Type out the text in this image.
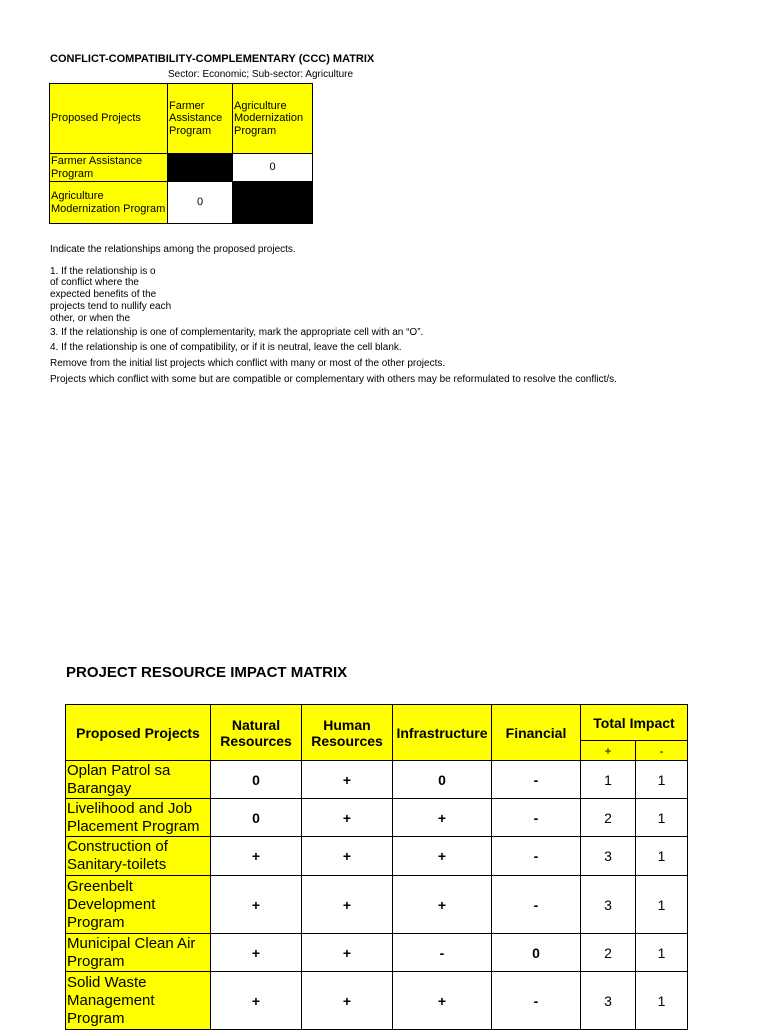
CONFLICT-COMPATIBILITY-COMPLEMENTARY (CCC) MATRIX
Sector: Economic; Sub-sector: Agriculture
Proposed Projects	Farmer Assistance Program	Agriculture Modernization Program
Farmer Assistance Program		0
Agriculture Modernization Program	0	
Indicate the relationships among the proposed projects.
1. If the relationship is o
of conflict where the expected benefits of the projects tend to nullify each other, or when the
3. If the relationship is one of complementarity, mark the appropriate cell with an “O”.
4. If the relationship is one of compatibility, or if it is neutral, leave the cell blank.
Remove from the initial list projects which conflict with many or most of the other projects.
Projects which conflict with some but are compatible or complementary with others may be reformulated to resolve the conflict/s.
PROJECT RESOURCE IMPACT MATRIX
Proposed Projects	Natural Resources	Human Resources	Infrastructure	Financial	Total Impact	
					+	-
Oplan Patrol sa Barangay	0	+	0	-	1	1
Livelihood and Job Placement Program	0	+	+	-	2	1
Construction of Sanitary-toilets	+	+	+	-	3	1
Greenbelt Development Program	+	+	+	-	3	1
Municipal Clean Air Program	+	+	-	0	2	1
Solid Waste Management Program	+	+	+	-	3	1
